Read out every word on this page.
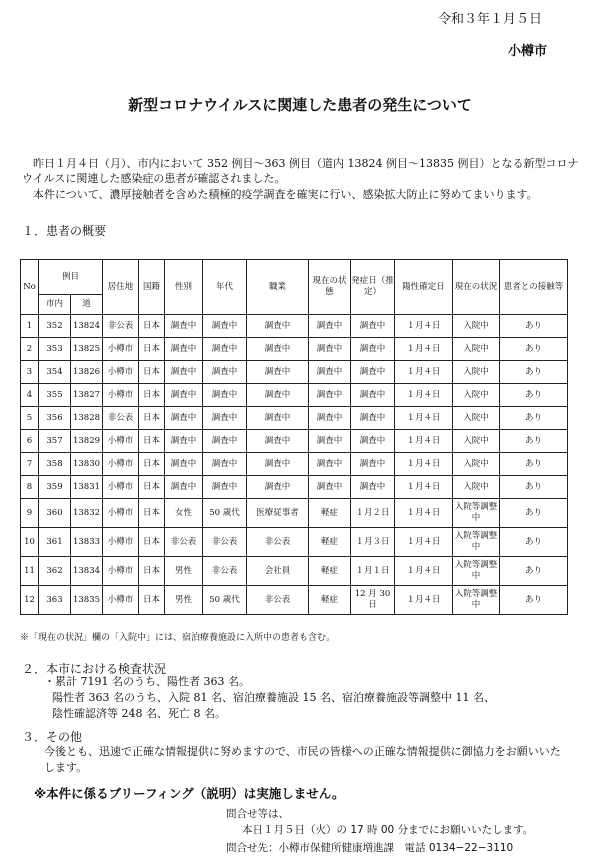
令和３年１月５日
小樽市
新型コロナウイルスに関連した患者の発生について
昨日１月４日（月）、市内において 352 例目～363 例目（道内 13824 例目～13835 例目）となる新型コロナウイルスに関連した感染症の患者が確認されました。
本件について、濃厚接触者を含めた積極的疫学調査を確実に行い、感染拡大防止に努めてまいります。
１．患者の概要
No	例目		居住地	国籍	性別	年代	職業	現在の状態	発症日（推定）	陽性確定日	現在の状況	患者との接触等
	市内	道										
1	352	13824	非公表	日本	調査中	調査中	調査中	調査中	調査中	１月４日	入院中	あり
2	353	13825	小樽市	日本	調査中	調査中	調査中	調査中	調査中	１月４日	入院中	あり
3	354	13826	小樽市	日本	調査中	調査中	調査中	調査中	調査中	１月４日	入院中	あり
4	355	13827	小樽市	日本	調査中	調査中	調査中	調査中	調査中	１月４日	入院中	あり
5	356	13828	非公表	日本	調査中	調査中	調査中	調査中	調査中	１月４日	入院中	あり
6	357	13829	小樽市	日本	調査中	調査中	調査中	調査中	調査中	１月４日	入院中	あり
7	358	13830	小樽市	日本	調査中	調査中	調査中	調査中	調査中	１月４日	入院中	あり
8	359	13831	小樽市	日本	調査中	調査中	調査中	調査中	調査中	１月４日	入院中	あり
9	360	13832	小樽市	日本	女性	50 歳代	医療従事者	軽症	１月２日	１月４日	入院等調整中	あり
10	361	13833	小樽市	日本	非公表	非公表	非公表	軽症	１月３日	１月４日	入院等調整中	あり
11	362	13834	小樽市	日本	男性	非公表	会社員	軽症	１月１日	１月４日	入院等調整中	あり
12	363	13835	小樽市	日本	男性	50 歳代	非公表	軽症	12 月 30 日	１月４日	入院等調整中	あり
※「現在の状況」欄の「入院中」には、宿泊療養施設に入所中の患者も含む。
２．本市における検査状況
・累計 7191 名のうち、陽性者 363 名。
陽性者 363 名のうち、入院 81 名、宿泊療養施設 15 名、宿泊療養施設等調整中 11 名、
陰性確認済等 248 名、死亡 8 名。
３．その他
今後とも、迅速で正確な情報提供に努めますので、市民の皆様への正確な情報提供に御協力をお願いいたします。
※本件に係るブリーフィング（説明）は実施しません。
問合せ等は、
本日１月５日（火）の 17 時 00 分までにお願いいたします。
問合せ先：小樽市保健所健康増進課　電話 0134−22−3110
